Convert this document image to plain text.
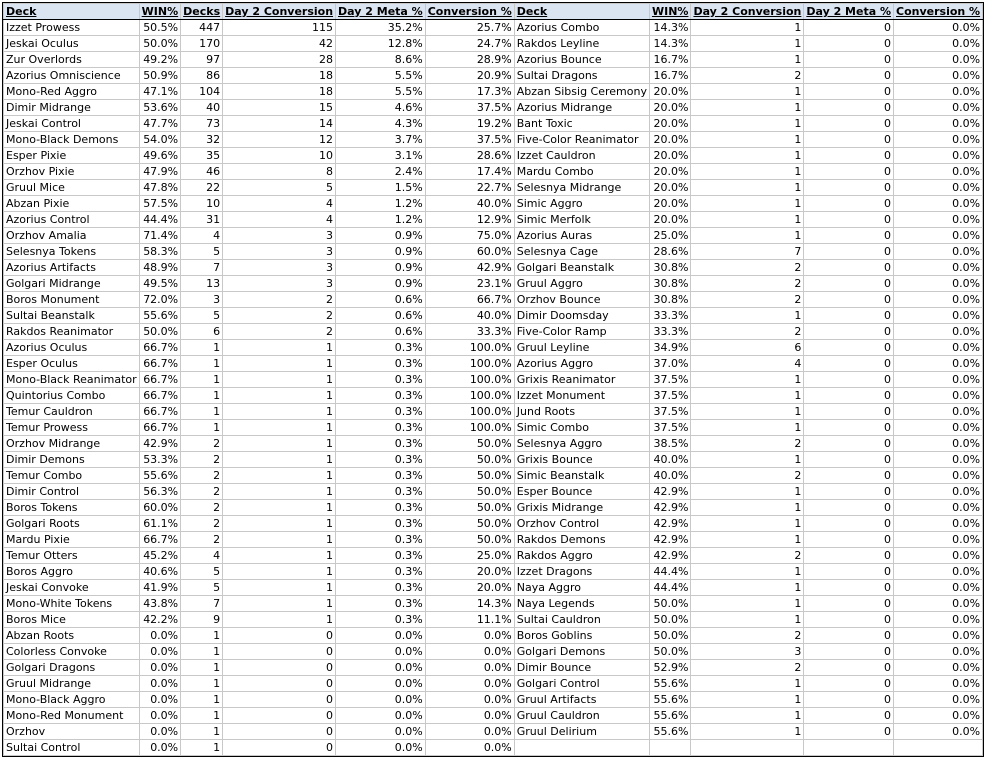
Deck	WIN%	Decks	Day 2 Conversion	Day 2 Meta %	Conversion %	Deck	WIN%	Day 2 Conversion	Day 2 Meta %	Conversion %
Izzet Prowess	50.5%	447	115	35.2%	25.7%	Azorius Combo	14.3%	1	0	0.0%
Jeskai Oculus	50.0%	170	42	12.8%	24.7%	Rakdos Leyline	14.3%	1	0	0.0%
Zur Overlords	49.2%	97	28	8.6%	28.9%	Azorius Bounce	16.7%	1	0	0.0%
Azorius Omniscience	50.9%	86	18	5.5%	20.9%	Sultai Dragons	16.7%	2	0	0.0%
Mono-Red Aggro	47.1%	104	18	5.5%	17.3%	Abzan Sibsig Ceremony	20.0%	1	0	0.0%
Dimir Midrange	53.6%	40	15	4.6%	37.5%	Azorius Midrange	20.0%	1	0	0.0%
Jeskai Control	47.7%	73	14	4.3%	19.2%	Bant Toxic	20.0%	1	0	0.0%
Mono-Black Demons	54.0%	32	12	3.7%	37.5%	Five-Color Reanimator	20.0%	1	0	0.0%
Esper Pixie	49.6%	35	10	3.1%	28.6%	Izzet Cauldron	20.0%	1	0	0.0%
Orzhov Pixie	47.9%	46	8	2.4%	17.4%	Mardu Combo	20.0%	1	0	0.0%
Gruul Mice	47.8%	22	5	1.5%	22.7%	Selesnya Midrange	20.0%	1	0	0.0%
Abzan Pixie	57.5%	10	4	1.2%	40.0%	Simic Aggro	20.0%	1	0	0.0%
Azorius Control	44.4%	31	4	1.2%	12.9%	Simic Merfolk	20.0%	1	0	0.0%
Orzhov Amalia	71.4%	4	3	0.9%	75.0%	Azorius Auras	25.0%	1	0	0.0%
Selesnya Tokens	58.3%	5	3	0.9%	60.0%	Selesnya Cage	28.6%	7	0	0.0%
Azorius Artifacts	48.9%	7	3	0.9%	42.9%	Golgari Beanstalk	30.8%	2	0	0.0%
Golgari Midrange	49.5%	13	3	0.9%	23.1%	Gruul Aggro	30.8%	2	0	0.0%
Boros Monument	72.0%	3	2	0.6%	66.7%	Orzhov Bounce	30.8%	2	0	0.0%
Sultai Beanstalk	55.6%	5	2	0.6%	40.0%	Dimir Doomsday	33.3%	1	0	0.0%
Rakdos Reanimator	50.0%	6	2	0.6%	33.3%	Five-Color Ramp	33.3%	2	0	0.0%
Azorius Oculus	66.7%	1	1	0.3%	100.0%	Gruul Leyline	34.9%	6	0	0.0%
Esper Oculus	66.7%	1	1	0.3%	100.0%	Azorius Aggro	37.0%	4	0	0.0%
Mono-Black Reanimator	66.7%	1	1	0.3%	100.0%	Grixis Reanimator	37.5%	1	0	0.0%
Quintorius Combo	66.7%	1	1	0.3%	100.0%	Izzet Monument	37.5%	1	0	0.0%
Temur Cauldron	66.7%	1	1	0.3%	100.0%	Jund Roots	37.5%	1	0	0.0%
Temur Prowess	66.7%	1	1	0.3%	100.0%	Simic Combo	37.5%	1	0	0.0%
Orzhov Midrange	42.9%	2	1	0.3%	50.0%	Selesnya Aggro	38.5%	2	0	0.0%
Dimir Demons	53.3%	2	1	0.3%	50.0%	Grixis Bounce	40.0%	1	0	0.0%
Temur Combo	55.6%	2	1	0.3%	50.0%	Simic Beanstalk	40.0%	2	0	0.0%
Dimir Control	56.3%	2	1	0.3%	50.0%	Esper Bounce	42.9%	1	0	0.0%
Boros Tokens	60.0%	2	1	0.3%	50.0%	Grixis Midrange	42.9%	1	0	0.0%
Golgari Roots	61.1%	2	1	0.3%	50.0%	Orzhov Control	42.9%	1	0	0.0%
Mardu Pixie	66.7%	2	1	0.3%	50.0%	Rakdos Demons	42.9%	1	0	0.0%
Temur Otters	45.2%	4	1	0.3%	25.0%	Rakdos Aggro	42.9%	2	0	0.0%
Boros Aggro	40.6%	5	1	0.3%	20.0%	Izzet Dragons	44.4%	1	0	0.0%
Jeskai Convoke	41.9%	5	1	0.3%	20.0%	Naya Aggro	44.4%	1	0	0.0%
Mono-White Tokens	43.8%	7	1	0.3%	14.3%	Naya Legends	50.0%	1	0	0.0%
Boros Mice	42.2%	9	1	0.3%	11.1%	Sultai Cauldron	50.0%	1	0	0.0%
Abzan Roots	0.0%	1	0	0.0%	0.0%	Boros Goblins	50.0%	2	0	0.0%
Colorless Convoke	0.0%	1	0	0.0%	0.0%	Golgari Demons	50.0%	3	0	0.0%
Golgari Dragons	0.0%	1	0	0.0%	0.0%	Dimir Bounce	52.9%	2	0	0.0%
Gruul Midrange	0.0%	1	0	0.0%	0.0%	Golgari Control	55.6%	1	0	0.0%
Mono-Black Aggro	0.0%	1	0	0.0%	0.0%	Gruul Artifacts	55.6%	1	0	0.0%
Mono-Red Monument	0.0%	1	0	0.0%	0.0%	Gruul Cauldron	55.6%	1	0	0.0%
Orzhov	0.0%	1	0	0.0%	0.0%	Gruul Delirium	55.6%	1	0	0.0%
Sultai Control	0.0%	1	0	0.0%	0.0%					
